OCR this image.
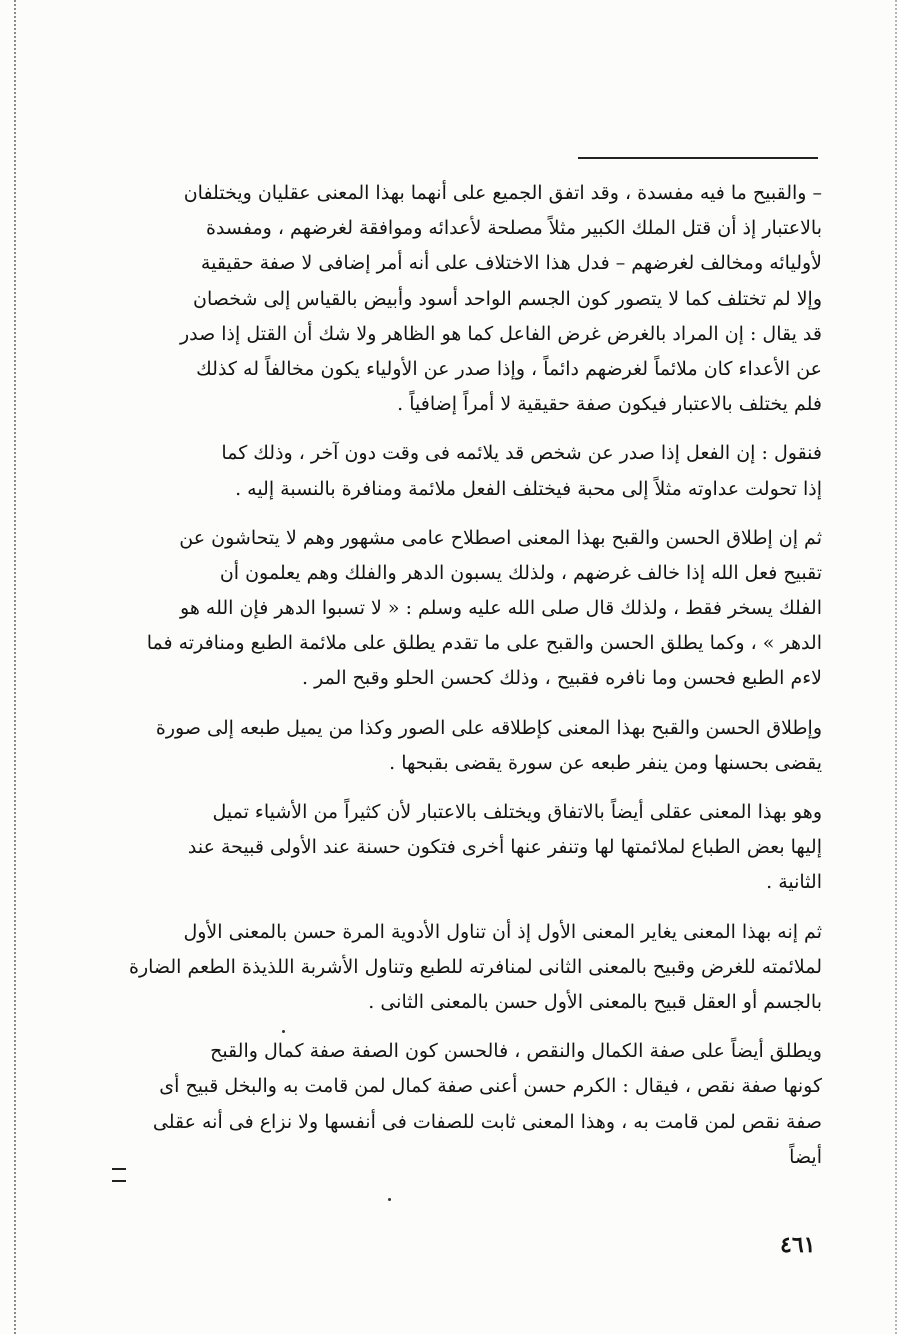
– والقبيح ما فيه مفسدة ، وقد اتفق الجميع على أنهما بهذا المعنى عقليان ويختلفان
بالاعتبار إذ أن قتل الملك الكبير مثلاً مصلحة لأعدائه وموافقة لغرضهم ، ومفسدة
لأوليائه ومخالف لغرضهم – فدل هذا الاختلاف على أنه أمر إضافى لا صفة حقيقية
وإلا لم تختلف كما لا يتصور كون الجسم الواحد أسود وأبيض بالقياس إلى شخصان
قد يقال : إن المراد بالغرض غرض الفاعل كما هو الظاهر ولا شك أن القتل إذا صدر
عن الأعداء كان ملائماً لغرضهم دائماً ، وإذا صدر عن الأولياء يكون مخالفاً له كذلك
فلم يختلف بالاعتبار فيكون صفة حقيقية لا أمراً إضافياً .

فنقول : إن الفعل إذا صدر عن شخص قد يلائمه فى وقت دون آخر ، وذلك كما
إذا تحولت عداوته مثلاً إلى محبة فيختلف الفعل ملائمة ومنافرة بالنسبة إليه .

ثم إن إطلاق الحسن والقبح بهذا المعنى اصطلاح عامى مشهور وهم لا يتحاشون عن
تقبيح فعل الله إذا خالف غرضهم ، ولذلك يسبون الدهر والفلك وهم يعلمون أن
الفلك يسخر فقط ، ولذلك قال صلى الله عليه وسلم : « لا تسبوا الدهر فإن الله هو
الدهر » ، وكما يطلق الحسن والقبح على ما تقدم يطلق على ملائمة الطبع ومنافرته فما
لاءم الطبع فحسن وما نافره فقبيح ، وذلك كحسن الحلو وقبح المر .

وإطلاق الحسن والقبح بهذا المعنى كإطلاقه على الصور وكذا من يميل طبعه إلى صورة
يقضى بحسنها ومن ينفر طبعه عن سورة يقضى بقبحها .

وهو بهذا المعنى عقلى أيضاً بالاتفاق ويختلف بالاعتبار لأن كثيراً من الأشياء تميل
إليها بعض الطباع لملائمتها لها وتنفر عنها أخرى فتكون حسنة عند الأولى قبيحة عند
الثانية .

ثم إنه بهذا المعنى يغاير المعنى الأول إذ أن تناول الأدوية المرة حسن بالمعنى الأول
لملائمته للغرض وقبيح بالمعنى الثانى لمنافرته للطبع وتناول الأشربة اللذيذة الطعم الضارة
بالجسم أو العقل قبيح بالمعنى الأول حسن بالمعنى الثانى .

ويطلق أيضاً على صفة الكمال والنقص ، فالحسن كون الصفة صفة كمال والقبح
كونها صفة نقص ، فيقال : الكرم حسن أعنى صفة كمال لمن قامت به والبخل قبيح أى
صفة نقص لمن قامت به ، وهذا المعنى ثابت للصفات فى أنفسها ولا نزاع فى أنه عقلى
أيضاً

٤٦١
